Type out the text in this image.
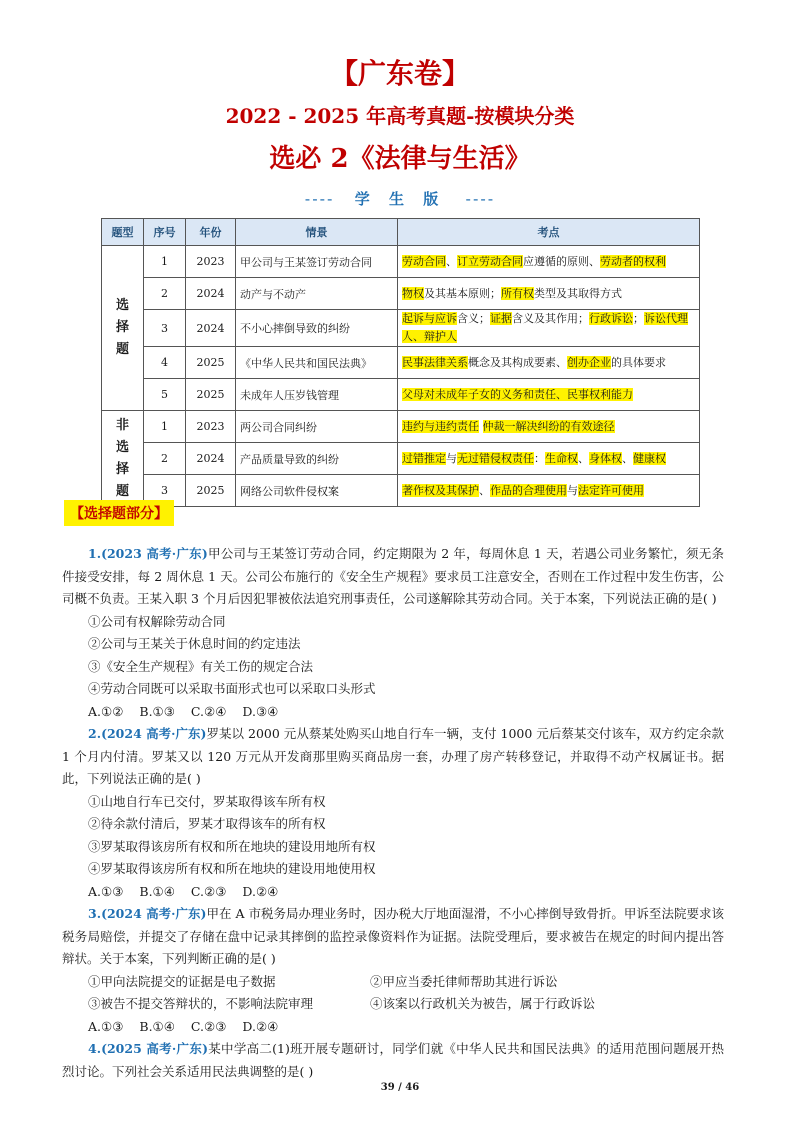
【广东卷】
2022 - 2025 年高考真题-按模块分类
选必 2《法律与生活》
---- 学 生 版 ----
题型	序号	年份	情景	考点

选
择
题	1	2023	甲公司与王某签订劳动合同	劳动合同、订立劳动合同应遵循的原则、劳动者的权利
	2	2024	动产与不动产	物权及其基本原则；所有权类型及其取得方式
	3	2024	不小心摔倒导致的纠纷	起诉与应诉含义；证据含义及其作用；行政诉讼；诉讼代理人、辩护人
	4	2025	《中华人民共和国民法典》	民事法律关系概念及其构成要素、创办企业的具体要求
	5	2025	未成年人压岁钱管理	父母对未成年子女的义务和责任、民事权利能力

非
选
择
题	1	2023	两公司合同纠纷	违约与违约责任 仲裁一解决纠纷的有效途径
	2	2024	产品质量导致的纠纷	过错推定与无过错侵权责任：生命权、身体权、健康权
	3	2025	网络公司软件侵权案	著作权及其保护、作品的合理使用与法定许可使用
【选择题部分】

1.(2023 高考·广东)甲公司与王某签订劳动合同，约定期限为 2 年，每周休息 1 天，若遇公司业务繁忙，须无条件接受安排，每 2 周休息 1 天。公司公布施行的《安全生产规程》要求员工注意安全，否则在工作过程中发生伤害，公司概不负责。王某入职 3 个月后因犯罪被依法追究刑事责任，公司遂解除其劳动合同。关于本案，下列说法正确的是( )

①公司有权解除劳动合同

②公司与王某关于休息时间的约定违法

③《安全生产规程》有关工伤的规定合法

④劳动合同既可以采取书面形式也可以采取口头形式

A.①② B.①③ C.②④ D.③④

2.(2024 高考·广东)罗某以 2000 元从蔡某处购买山地自行车一辆，支付 1000 元后蔡某交付该车，双方约定余款 1 个月内付清。罗某又以 120 万元从开发商那里购买商品房一套，办理了房产转移登记，并取得不动产权属证书。据此，下列说法正确的是( )

①山地自行车已交付，罗某取得该车所有权

②待余款付清后，罗某才取得该车的所有权

③罗某取得该房所有权和所在地块的建设用地所有权

④罗某取得该房所有权和所在地块的建设用地使用权

A.①③ B.①④ C.②③ D.②④

3.(2024 高考·广东)甲在 A 市税务局办理业务时，因办税大厅地面湿滑，不小心摔倒导致骨折。甲诉至法院要求该税务局赔偿，并提交了存储在盘中记录其摔倒的监控录像资料作为证据。法院受理后，要求被告在规定的时间内提出答辩状。关于本案，下列判断正确的是( )

①甲向法院提交的证据是电子数据	②甲应当委托律师帮助其进行诉讼

③被告不提交答辩状的，不影响法院审理	④该案以行政机关为被告，属于行政诉讼

A.①③ B.①④ C.②③ D.②④

4.(2025 高考·广东)某中学高二(1)班开展专题研讨，同学们就《中华人民共和国民法典》的适用范围问题展开热烈讨论。下列社会关系适用民法典调整的是( )

39 / 46
